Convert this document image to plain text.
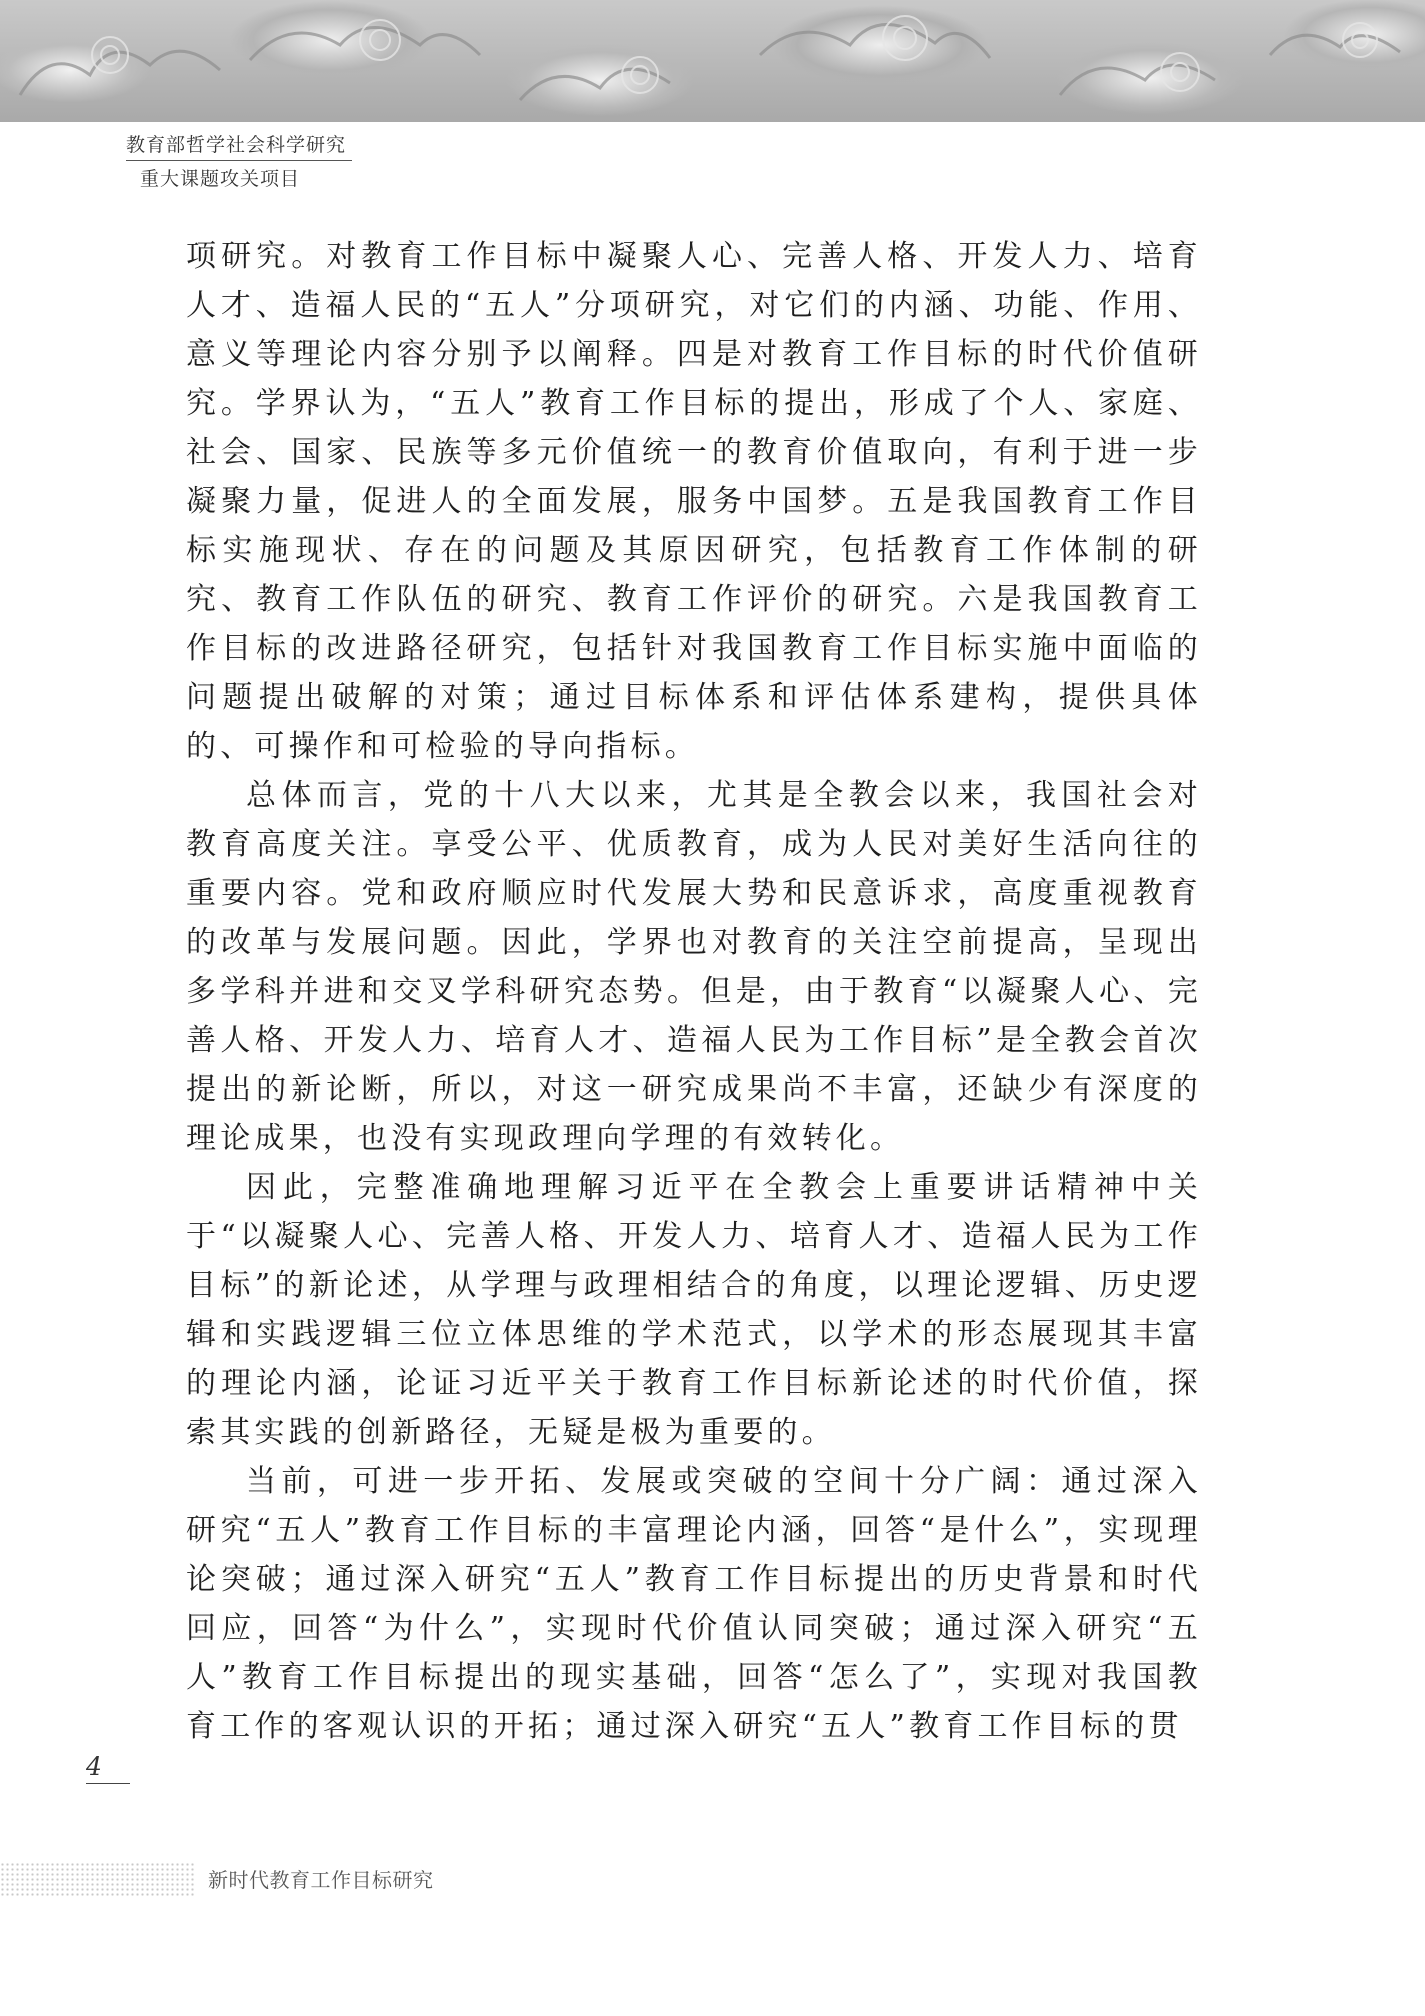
教育部哲学社会科学研究
重大课题攻关项目

项研究。对教育工作目标中凝聚人心、完善人格、开发人力、培育人才、造福人民的“五人”分项研究，对它们的内涵、功能、作用、意义等理论内容分别予以阐释。四是对教育工作目标的时代价值研究。学界认为，“五人”教育工作目标的提出，形成了个人、家庭、社会、国家、民族等多元价值统一的教育价值取向，有利于进一步凝聚力量，促进人的全面发展，服务中国梦。五是我国教育工作目标实施现状、存在的问题及其原因研究，包括教育工作体制的研究、教育工作队伍的研究、教育工作评价的研究。六是我国教育工作目标的改进路径研究，包括针对我国教育工作目标实施中面临的问题提出破解的对策；通过目标体系和评估体系建构，提供具体的、可操作和可检验的导向指标。

总体而言，党的十八大以来，尤其是全教会以来，我国社会对教育高度关注。享受公平、优质教育，成为人民对美好生活向往的重要内容。党和政府顺应时代发展大势和民意诉求，高度重视教育的改革与发展问题。因此，学界也对教育的关注空前提高，呈现出多学科并进和交叉学科研究态势。但是，由于教育“以凝聚人心、完善人格、开发人力、培育人才、造福人民为工作目标”是全教会首次提出的新论断，所以，对这一研究成果尚不丰富，还缺少有深度的理论成果，也没有实现政理向学理的有效转化。

因此，完整准确地理解习近平在全教会上重要讲话精神中关于“以凝聚人心、完善人格、开发人力、培育人才、造福人民为工作目标”的新论述，从学理与政理相结合的角度，以理论逻辑、历史逻辑和实践逻辑三位立体思维的学术范式，以学术的形态展现其丰富的理论内涵，论证习近平关于教育工作目标新论述的时代价值，探索其实践的创新路径，无疑是极为重要的。

当前，可进一步开拓、发展或突破的空间十分广阔：通过深入研究“五人”教育工作目标的丰富理论内涵，回答“是什么”，实现理论突破；通过深入研究“五人”教育工作目标提出的历史背景和时代回应，回答“为什么”，实现时代价值认同突破；通过深入研究“五人”教育工作目标提出的现实基础，回答“怎么了”，实现对我国教育工作的客观认识的开拓；通过深入研究“五人”教育工作目标的贯

4
新时代教育工作目标研究
